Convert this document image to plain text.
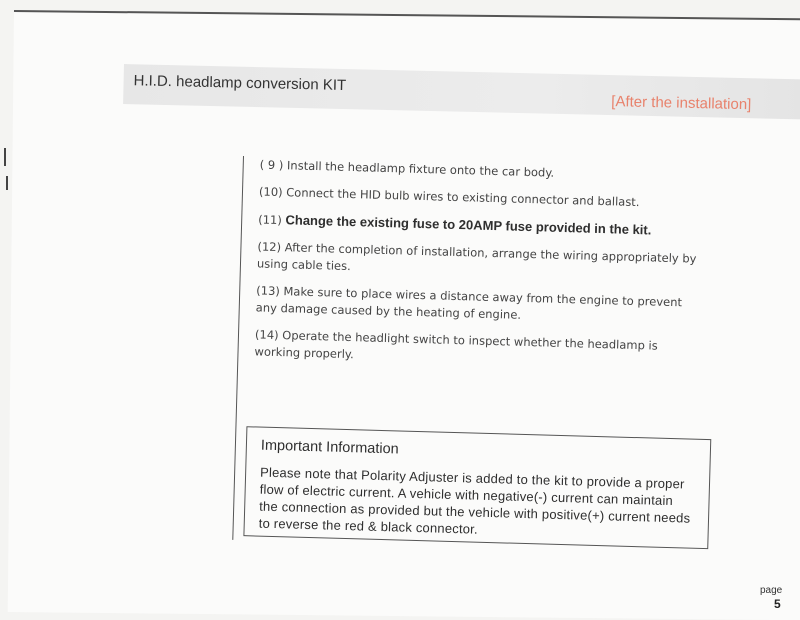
H.I.D. headlamp conversion KIT
[After the installation]
( 9 ) Install the headlamp fixture onto the car body.
(10) Connect the HID bulb wires to existing connector and ballast.
(11) Change the existing fuse to 20AMP fuse provided in the kit.
(12) After the completion of installation, arrange the wiring appropriately by using cable ties.
(13) Make sure to place wires a distance away from the engine to prevent any damage caused by the heating of engine.
(14) Operate the headlight switch to inspect whether the headlamp is working properly.
Important Information
Please note that Polarity Adjuster is added to the kit to provide a proper flow of electric current. A vehicle with negative(-) current can maintain the connection as provided but the vehicle with positive(+) current needs to reverse the red & black connector.
page
5
